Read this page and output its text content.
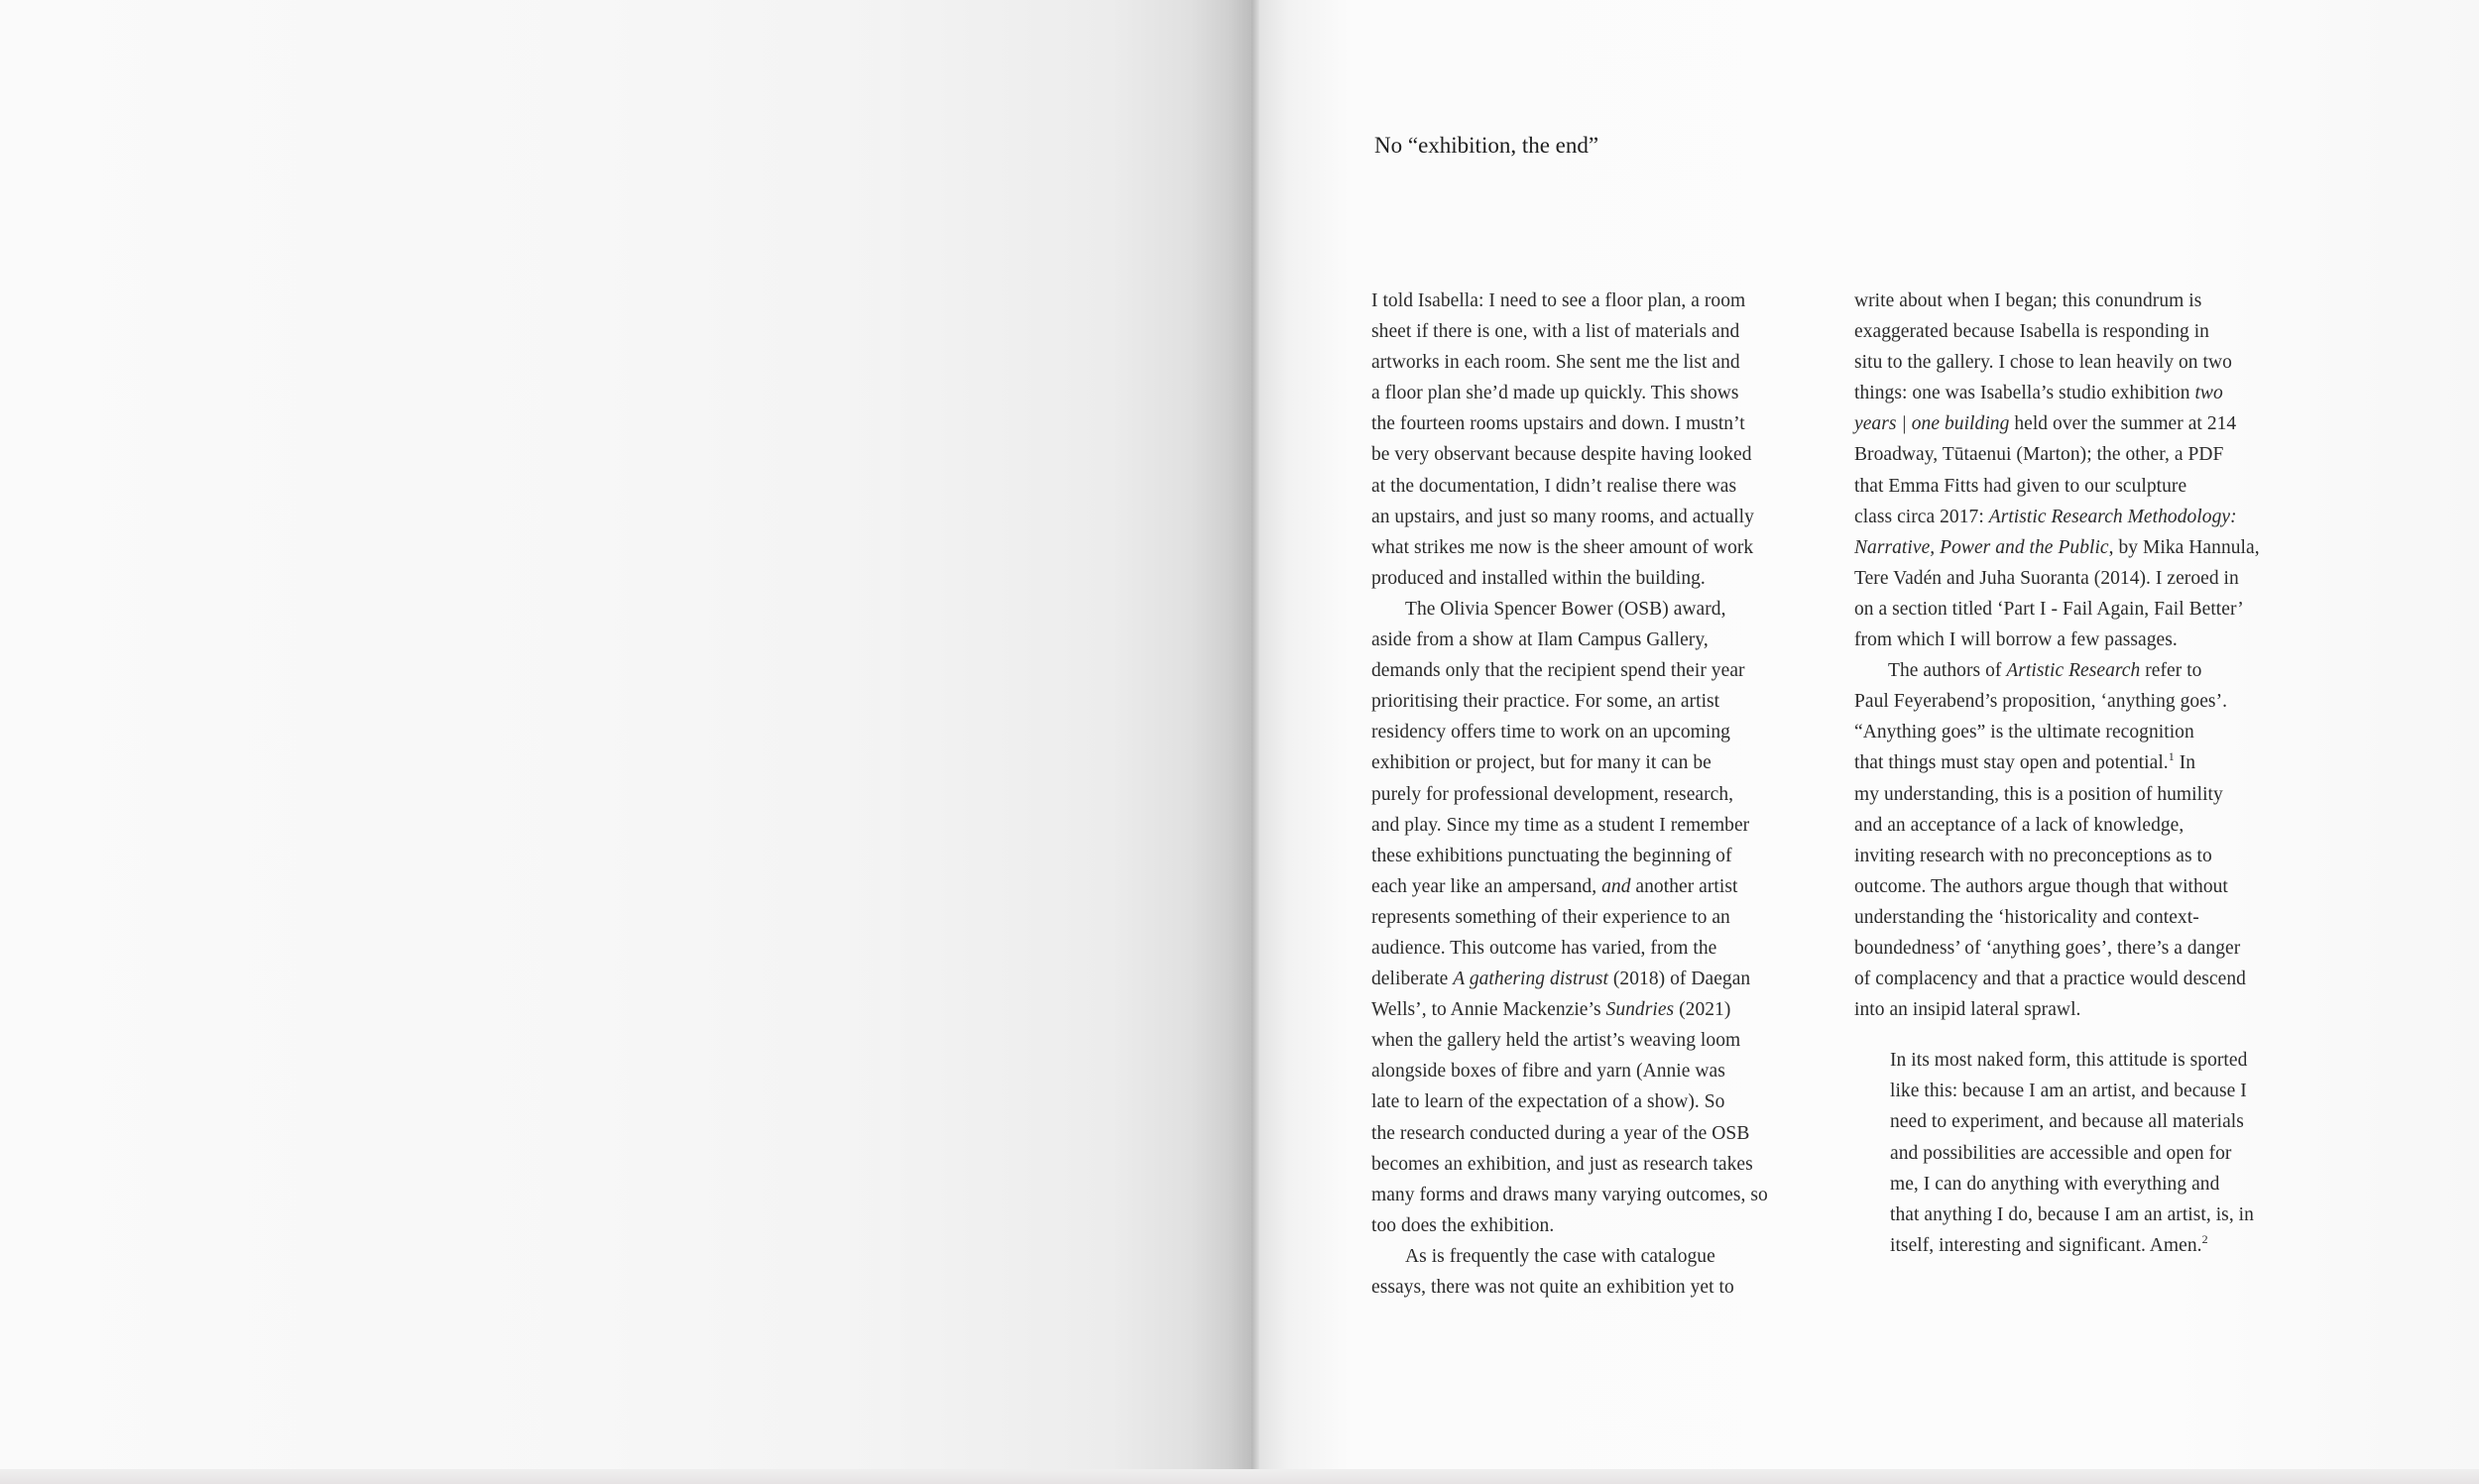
No “exhibition, the end”
I told Isabella: I need to see a floor plan, a room
sheet if there is one, with a list of materials and
artworks in each room. She sent me the list and
a floor plan she’d made up quickly. This shows
the fourteen rooms upstairs and down. I mustn’t
be very observant because despite having looked
at the documentation, I didn’t realise there was
an upstairs, and just so many rooms, and actually
what strikes me now is the sheer amount of work
produced and installed within the building.
The Olivia Spencer Bower (OSB) award,
aside from a show at Ilam Campus Gallery,
demands only that the recipient spend their year
prioritising their practice. For some, an artist
residency offers time to work on an upcoming
exhibition or project, but for many it can be
purely for professional development, research,
and play. Since my time as a student I remember
these exhibitions punctuating the beginning of
each year like an ampersand, and another artist
represents something of their experience to an
audience. This outcome has varied, from the
deliberate A gathering distrust (2018) of Daegan
Wells’, to Annie Mackenzie’s Sundries (2021)
when the gallery held the artist’s weaving loom
alongside boxes of fibre and yarn (Annie was
late to learn of the expectation of a show). So
the research conducted during a year of the OSB
becomes an exhibition, and just as research takes
many forms and draws many varying outcomes, so
too does the exhibition.
As is frequently the case with catalogue
essays, there was not quite an exhibition yet to
write about when I began; this conundrum is
exaggerated because Isabella is responding in
situ to the gallery. I chose to lean heavily on two
things: one was Isabella’s studio exhibition two
years | one building held over the summer at 214
Broadway, Tūtaenui (Marton); the other, a PDF
that Emma Fitts had given to our sculpture
class circa 2017: Artistic Research Methodology:
Narrative, Power and the Public, by Mika Hannula,
Tere Vadén and Juha Suoranta (2014). I zeroed in
on a section titled ‘Part I - Fail Again, Fail Better’
from which I will borrow a few passages.
The authors of Artistic Research refer to
Paul Feyerabend’s proposition, ‘anything goes’.
“Anything goes” is the ultimate recognition
that things must stay open and potential.$^1$ In
my understanding, this is a position of humility
and an acceptance of a lack of knowledge,
inviting research with no preconceptions as to
outcome. The authors argue though that without
understanding the ‘historicality and context-
boundedness’ of ‘anything goes’, there’s a danger
of complacency and that a practice would descend
into an insipid lateral sprawl.
In its most naked form, this attitude is sported
like this: because I am an artist, and because I
need to experiment, and because all materials
and possibilities are accessible and open for
me, I can do anything with everything and
that anything I do, because I am an artist, is, in
itself, interesting and significant. Amen.$^2$
